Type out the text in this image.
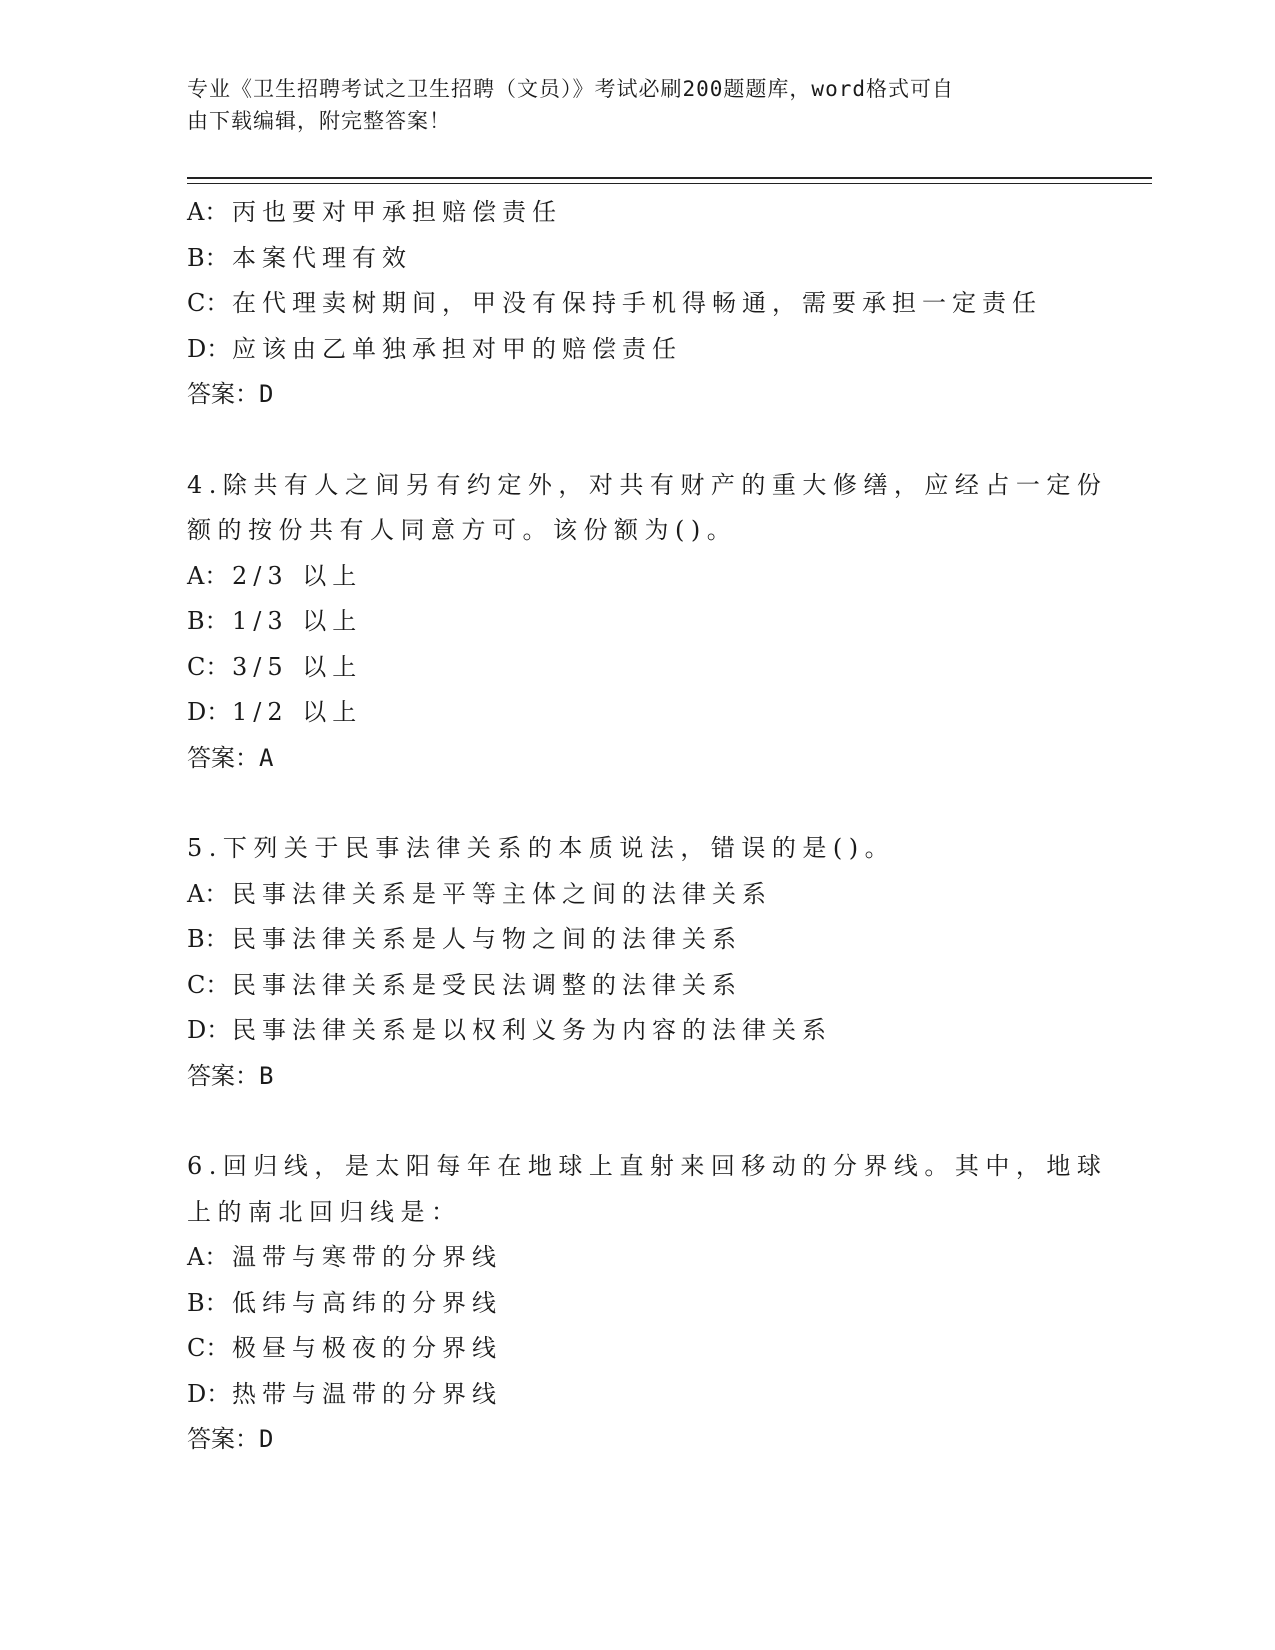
专业《卫生招聘考试之卫生招聘（文员）》考试必刷200题题库，word格式可自
由下载编辑，附完整答案！
A： 丙也要对甲承担赔偿责任
B： 本案代理有效
C： 在代理卖树期间，甲没有保持手机得畅通，需要承担一定责任
D： 应该由乙单独承担对甲的赔偿责任
答案：D
4.除共有人之间另有约定外，对共有财产的重大修缮，应经占一定份
额的按份共有人同意方可。该份额为()。
A： 2/3 以上
B： 1/3 以上
C： 3/5 以上
D： 1/2 以上
答案：A
5.下列关于民事法律关系的本质说法，错误的是()。
A： 民事法律关系是平等主体之间的法律关系
B： 民事法律关系是人与物之间的法律关系
C： 民事法律关系是受民法调整的法律关系
D： 民事法律关系是以权利义务为内容的法律关系
答案：B
6.回归线，是太阳每年在地球上直射来回移动的分界线。其中，地球
上的南北回归线是：
A： 温带与寒带的分界线
B： 低纬与高纬的分界线
C： 极昼与极夜的分界线
D： 热带与温带的分界线
答案：D
